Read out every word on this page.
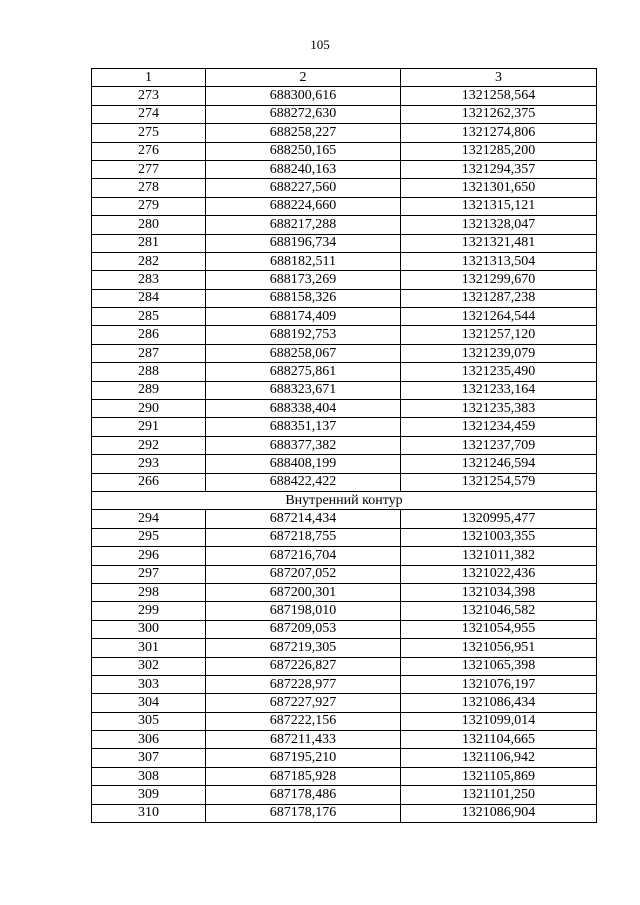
105
1	2	3
273	688300,616	1321258,564
274	688272,630	1321262,375
275	688258,227	1321274,806
276	688250,165	1321285,200
277	688240,163	1321294,357
278	688227,560	1321301,650
279	688224,660	1321315,121
280	688217,288	1321328,047
281	688196,734	1321321,481
282	688182,511	1321313,504
283	688173,269	1321299,670
284	688158,326	1321287,238
285	688174,409	1321264,544
286	688192,753	1321257,120
287	688258,067	1321239,079
288	688275,861	1321235,490
289	688323,671	1321233,164
290	688338,404	1321235,383
291	688351,137	1321234,459
292	688377,382	1321237,709
293	688408,199	1321246,594
266	688422,422	1321254,579
Внутренний контур		
294	687214,434	1320995,477
295	687218,755	1321003,355
296	687216,704	1321011,382
297	687207,052	1321022,436
298	687200,301	1321034,398
299	687198,010	1321046,582
300	687209,053	1321054,955
301	687219,305	1321056,951
302	687226,827	1321065,398
303	687228,977	1321076,197
304	687227,927	1321086,434
305	687222,156	1321099,014
306	687211,433	1321104,665
307	687195,210	1321106,942
308	687185,928	1321105,869
309	687178,486	1321101,250
310	687178,176	1321086,904
